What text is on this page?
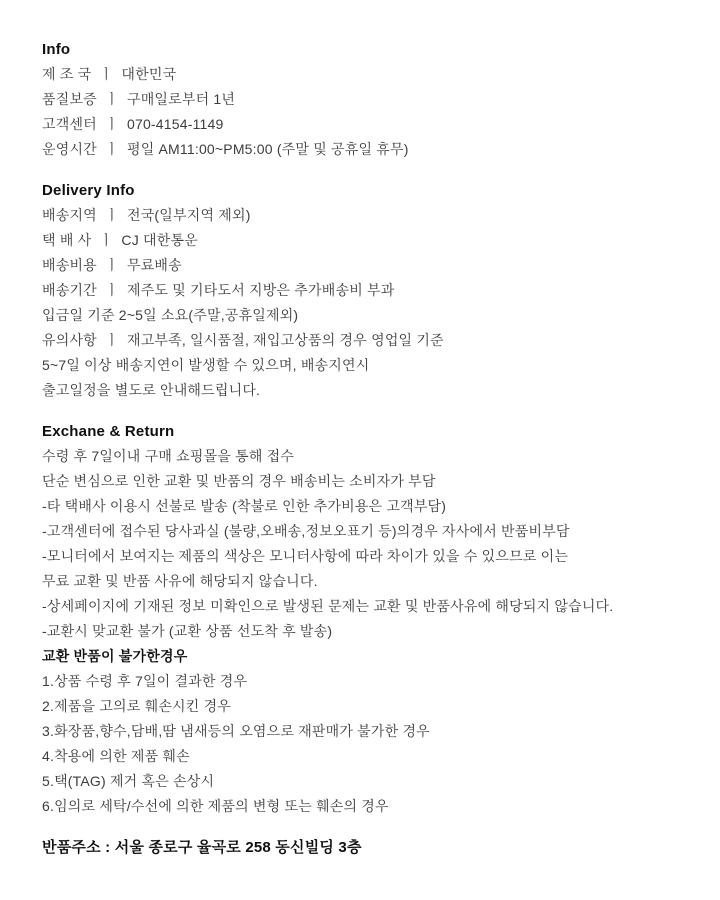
Info

제 조 국  ㅣ  대한민국

품질보증  ㅣ  구매일로부터 1년

고객센터  ㅣ  070-4154-1149

운영시간  ㅣ  평일 AM11:00~PM5:00 (주말 및 공휴일 휴무)

Delivery Info

배송지역  ㅣ  전국(일부지역 제외)

택 배 사  ㅣ  CJ 대한통운

배송비용  ㅣ  무료배송

배송기간  ㅣ  제주도 및 기타도서 지방은 추가배송비 부과

입금일 기준 2~5일 소요(주말,공휴일제외)

유의사항  ㅣ  재고부족, 일시품절, 재입고상품의 경우 영업일 기준

5~7일 이상 배송지연이 발생할 수 있으며, 배송지연시

출고일정을 별도로 안내해드립니다.

Exchane & Return

수령 후 7일이내 구매 쇼핑몰을 통해 접수

단순 변심으로 인한 교환 및 반품의 경우 배송비는 소비자가 부담

-타 택배사 이용시 선불로 발송 (착불로 인한 추가비용은 고객부담)

-고객센터에 접수된 당사과실 (불량,오배송,정보오표기 등)의경우 자사에서 반품비부담

-모니터에서 보여지는 제품의 색상은 모니터사항에 따라 차이가 있을 수 있으므로 이는

무료 교환 및 반품 사유에 해당되지 않습니다.

-상세페이지에 기재된 정보 미확인으로 발생된 문제는 교환 및 반품사유에 해당되지 않습니다.

-교환시 맞교환 불가 (교환 상품 선도착 후 발송)

교환 반품이 불가한경우

1.상품 수령 후 7일이 결과한 경우

2.제품을 고의로 훼손시킨 경우

3.화장품,향수,담배,땀 냄새등의 오염으로 재판매가 불가한 경우

4.착용에 의한 제품 훼손

5.택(TAG) 제거 혹은 손상시

6.임의로 세탁/수선에 의한 제품의 변형 또는 훼손의 경우

반품주소 : 서울 종로구 율곡로 258 동신빌딩 3층
